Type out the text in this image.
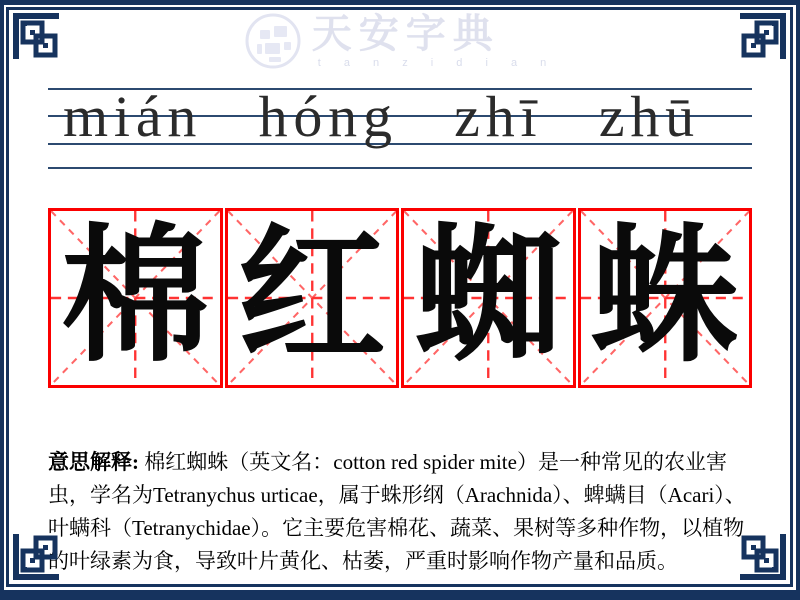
天安字典
t a n z i d i a n
mián hóng zhī zhū
棉 红 蜘 蛛
意思解释: 棉红蜘蛛（英文名：cotton red spider mite）是一种常见的农业害虫，学名为Tetranychus urticae，属于蛛形纲（Arachnida）、蜱螨目（Acari）、叶螨科（Tetranychidae）。它主要危害棉花、蔬菜、果树等多种作物，以植物的叶绿素为食，导致叶片黄化、枯萎，严重时影响作物产量和品质。
